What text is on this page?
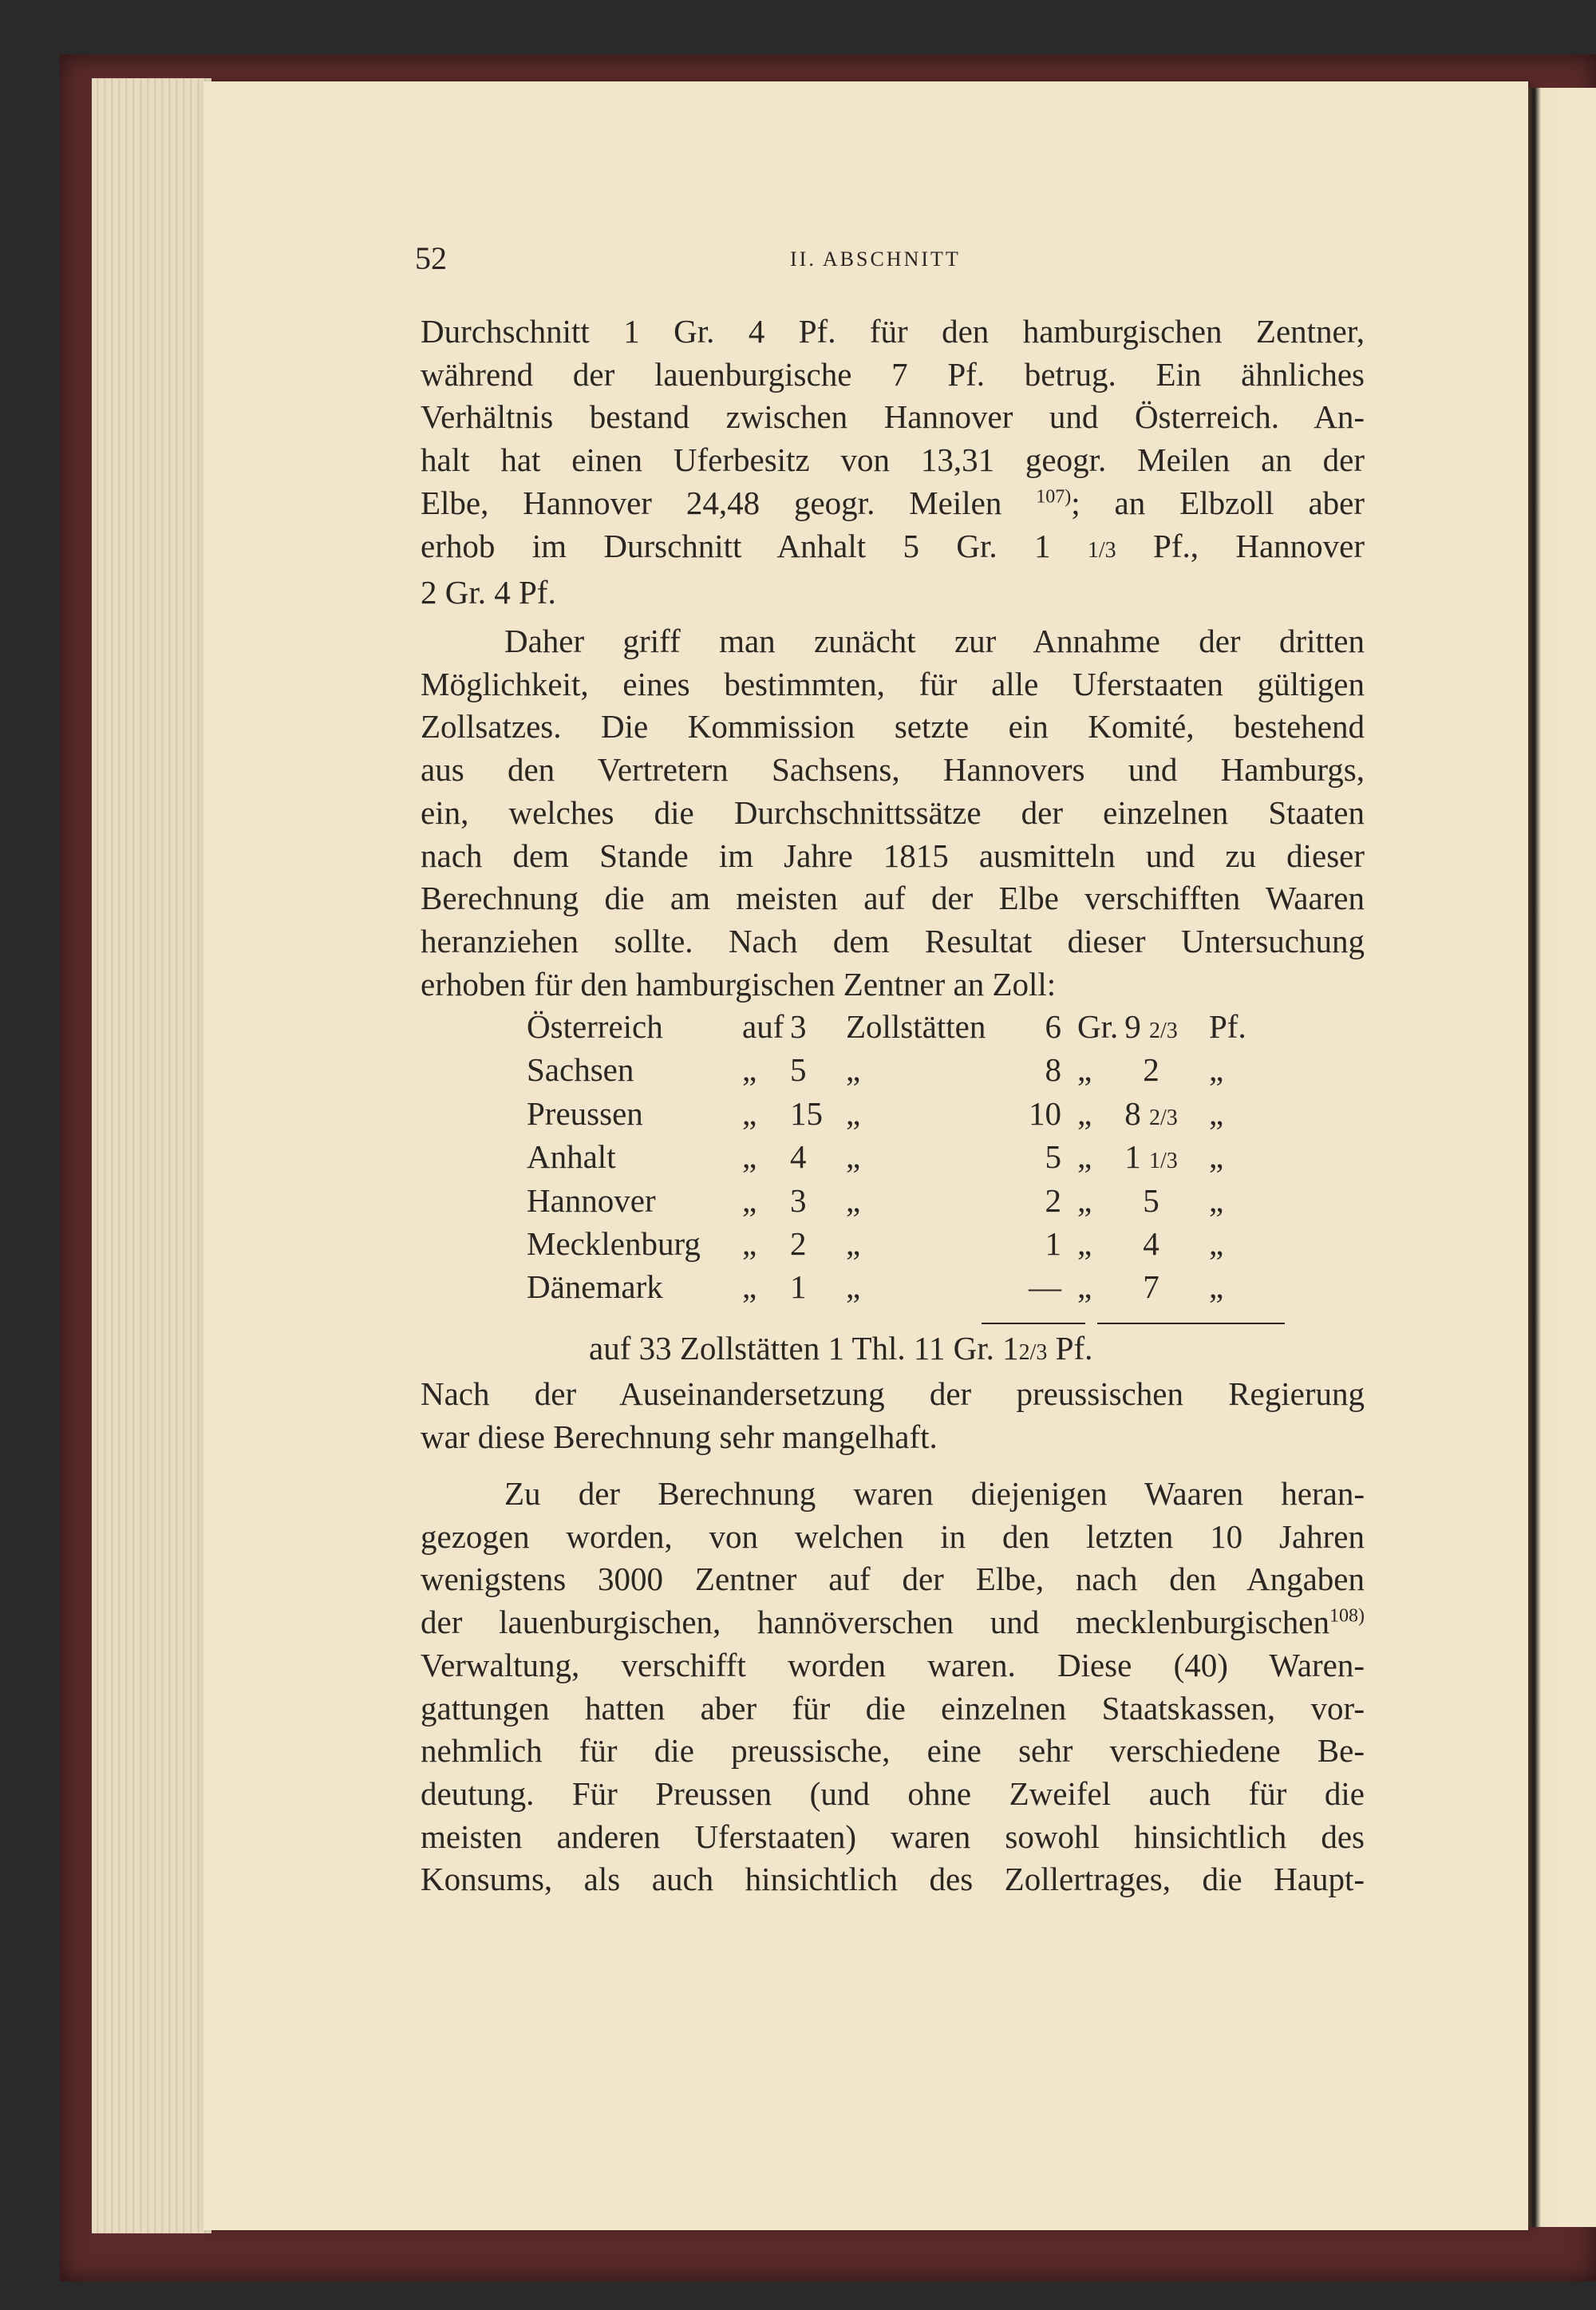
52	II. ABSCHNITT
Durchschnitt 1 Gr. 4 Pf. für den hamburgischen Zentner,
während der lauenburgische 7 Pf. betrug. Ein ähnliches
Verhältnis bestand zwischen Hannover und Österreich. An-
halt hat einen Uferbesitz von 13,31 geogr. Meilen an der
Elbe, Hannover 24,48 geogr. Meilen $^{107)}$; an Elbzoll aber
erhob im Durschnitt Anhalt 5 Gr. 1 1/3 Pf., Hannover
2 Gr. 4 Pf.
Daher griff man zunächt zur Annahme der dritten
Möglichkeit, eines bestimmten, für alle Uferstaaten gültigen
Zollsatzes. Die Kommission setzte ein Komité, bestehend
aus den Vertretern Sachsens, Hannovers und Hamburgs,
ein, welches die Durchschnittssätze der einzelnen Staaten
nach dem Stande im Jahre 1815 ausmitteln und zu dieser
Berechnung die am meisten auf der Elbe verschifften Waaren
heranziehen sollte. Nach dem Resultat dieser Untersuchung
erhoben für den hamburgischen Zentner an Zoll:
Österreich auf 3	Zollstätten	6 Gr. 9 2/3 Pf.
Sachsen	„ 5	„	8 „	2	„
Preussen	„ 15 „	10 „ 8 2/3 „
Anhalt	„ 4	„	5 „ 1 1/3 „
Hannover	„ 3	„	2 „	5	„
Mecklenburg „ 2	„	1 „	4	„
Dänemark „ 1	„	— „	7	„
auf 33 Zollstätten 1 Thl. 11 Gr. 12/3 Pf.
Nach der Auseinandersetzung der preussischen Regierung
war diese Berechnung sehr mangelhaft.
Zu der Berechnung waren diejenigen Waaren heran-
gezogen worden, von welchen in den letzten 10 Jahren
wenigstens 3000 Zentner auf der Elbe, nach den Angaben
der lauenburgischen, hannöverschen und mecklenburgischen$^{108)}$
Verwaltung, verschifft worden waren. Diese (40) Waren-
gattungen hatten aber für die einzelnen Staatskassen, vor-
nehmlich für die preussische, eine sehr verschiedene Be-
deutung. Für Preussen (und ohne Zweifel auch für die
meisten anderen Uferstaaten) waren sowohl hinsichtlich des
Konsums, als auch hinsichtlich des Zollertrages, die Haupt-
